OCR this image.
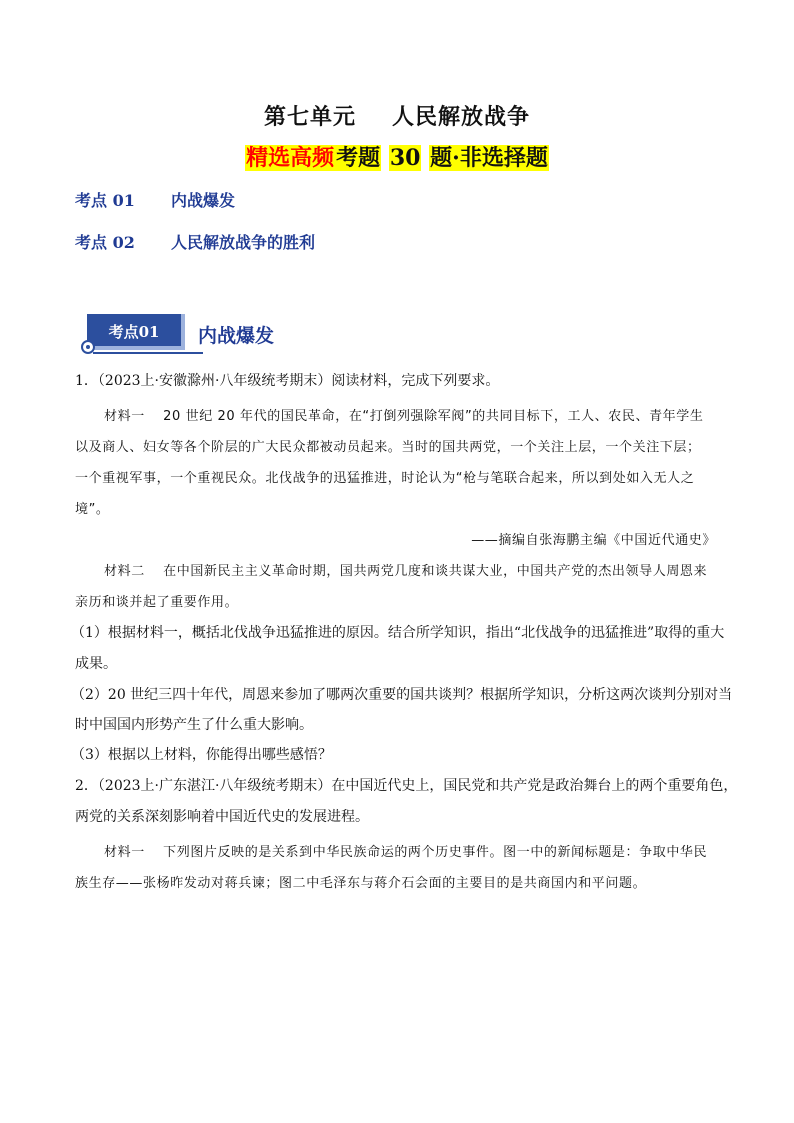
第七单元 人民解放战争
精选高频考题 30 题·非选择题
考点 01 内战爆发
考点 02 人民解放战争的胜利
考点01	内战爆发
1．（2023上·安徽滁州·八年级统考期末）阅读材料，完成下列要求。
材料一　 20 世纪 20 年代的国民革命，在“打倒列强除军阀”的共同目标下，工人、农民、青年学生
以及商人、妇女等各个阶层的广大民众都被动员起来。当时的国共两党，一个关注上层，一个关注下层；
一个重视军事，一个重视民众。北伐战争的迅猛推进，时论认为“枪与笔联合起来，所以到处如入无人之
境”。
——摘编自张海鹏主编《中国近代通史》
材料二　 在中国新民主主义革命时期，国共两党几度和谈共谋大业，中国共产党的杰出领导人周恩来
亲历和谈并起了重要作用。
（1）根据材料一，概括北伐战争迅猛推进的原因。结合所学知识，指出“北伐战争的迅猛推进”取得的重大
成果。
（2）20 世纪三四十年代，周恩来参加了哪两次重要的国共谈判？根据所学知识，分析这两次谈判分别对当
时中国国内形势产生了什么重大影响。
（3）根据以上材料，你能得出哪些感悟？
2．（2023上·广东湛江·八年级统考期末）在中国近代史上，国民党和共产党是政治舞台上的两个重要角色，
两党的关系深刻影响着中国近代史的发展进程。
材料一　 下列图片反映的是关系到中华民族命运的两个历史事件。图一中的新闻标题是：争取中华民
族生存——张杨昨发动对蒋兵谏；图二中毛泽东与蒋介石会面的主要目的是共商国内和平问题。
